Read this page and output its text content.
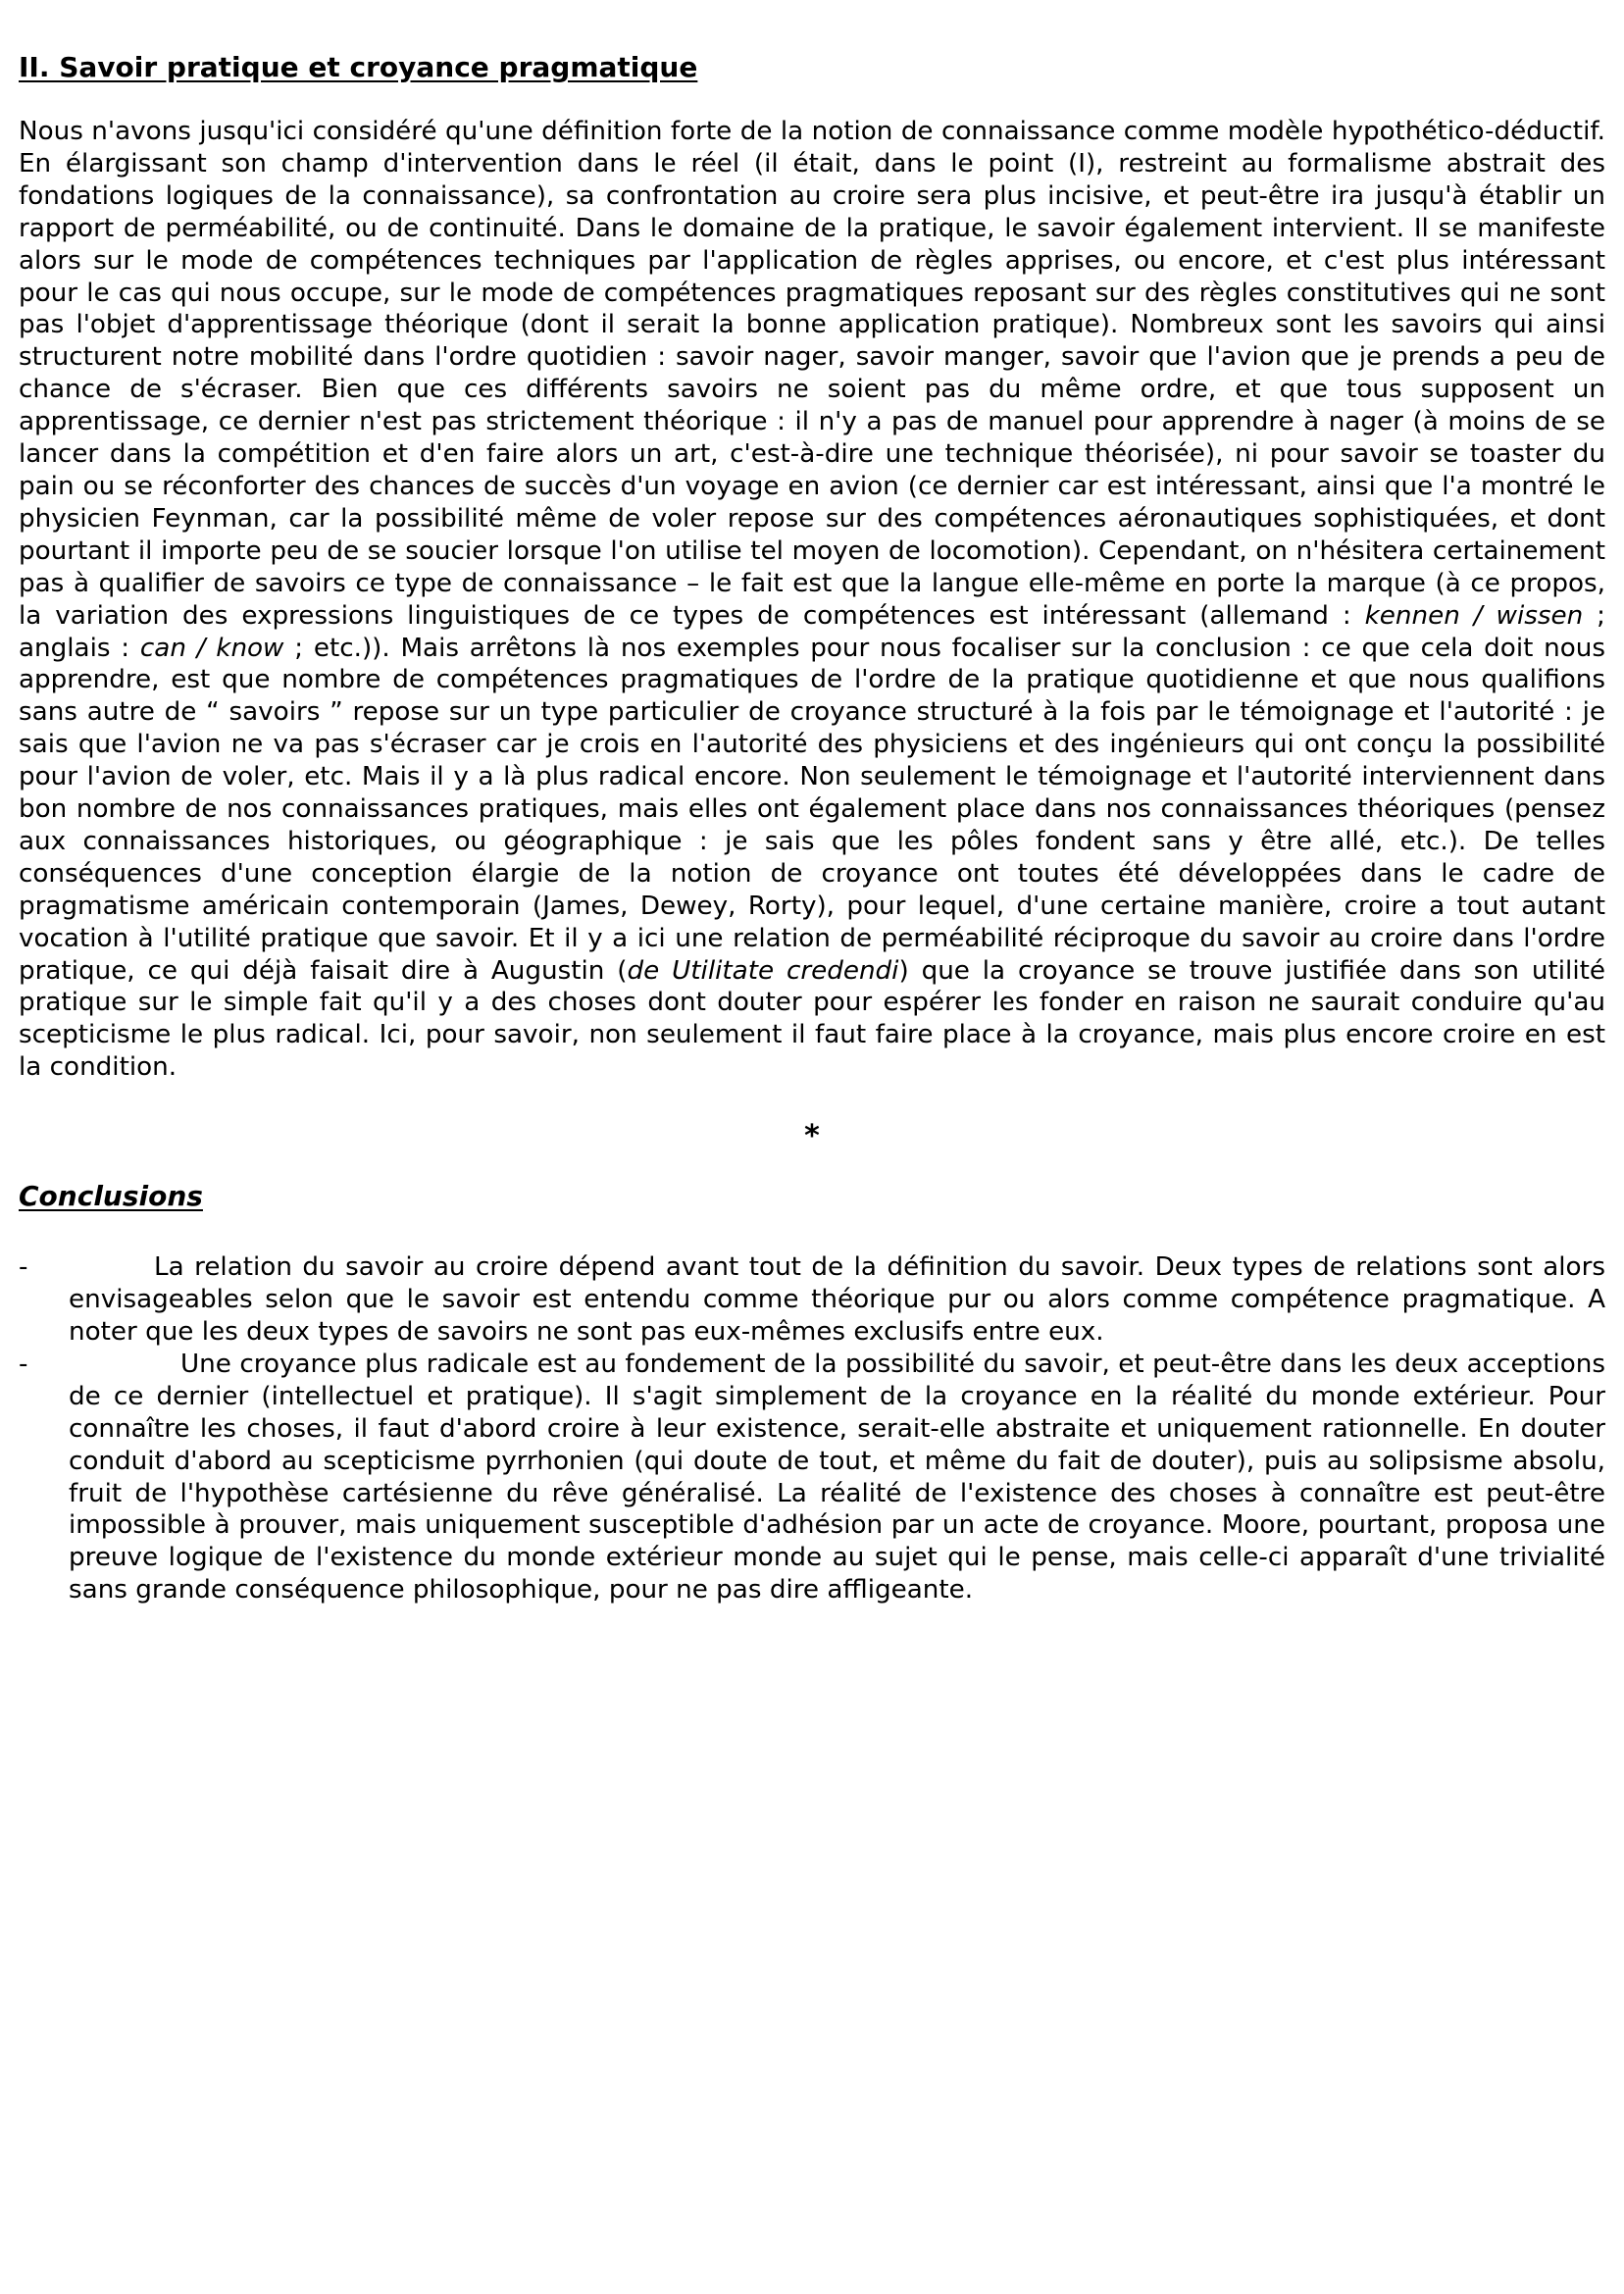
II. Savoir pratique et croyance pragmatique

Nous n'avons jusqu'ici considéré qu'une définition forte de la notion de connaissance comme modèle hypothético-déductif. En élargissant son champ d'intervention dans le réel (il était, dans le point (I), restreint au formalisme abstrait des fondations logiques de la connaissance), sa confrontation au croire sera plus incisive, et peut-être ira jusqu'à établir un rapport de perméabilité, ou de continuité. Dans le domaine de la pratique, le savoir également intervient. Il se manifeste alors sur le mode de compétences techniques par l'application de règles apprises, ou encore, et c'est plus intéressant pour le cas qui nous occupe, sur le mode de compétences pragmatiques reposant sur des règles constitutives qui ne sont pas l'objet d'apprentissage théorique (dont il serait la bonne application pratique). Nombreux sont les savoirs qui ainsi structurent notre mobilité dans l'ordre quotidien : savoir nager, savoir manger, savoir que l'avion que je prends a peu de chance de s'écraser. Bien que ces différents savoirs ne soient pas du même ordre, et que tous supposent un apprentissage, ce dernier n'est pas strictement théorique : il n'y a pas de manuel pour apprendre à nager (à moins de se lancer dans la compétition et d'en faire alors un art, c'est-à-dire une technique théorisée), ni pour savoir se toaster du pain ou se réconforter des chances de succès d'un voyage en avion (ce dernier car est intéressant, ainsi que l'a montré le physicien Feynman, car la possibilité même de voler repose sur des compétences aéronautiques sophistiquées, et dont pourtant il importe peu de se soucier lorsque l'on utilise tel moyen de locomotion). Cependant, on n'hésitera certainement pas à qualifier de savoirs ce type de connaissance – le fait est que la langue elle-même en porte la marque (à ce propos, la variation des expressions linguistiques de ce types de compétences est intéressant (allemand : kennen / wissen ; anglais : can / know ; etc.)). Mais arrêtons là nos exemples pour nous focaliser sur la conclusion : ce que cela doit nous apprendre, est que nombre de compétences pragmatiques de l'ordre de la pratique quotidienne et que nous qualifions sans autre de “ savoirs ” repose sur un type particulier de croyance structuré à la fois par le témoignage et l'autorité : je sais que l'avion ne va pas s'écraser car je crois en l'autorité des physiciens et des ingénieurs qui ont conçu la possibilité pour l'avion de voler, etc. Mais il y a là plus radical encore. Non seulement le témoignage et l'autorité interviennent dans bon nombre de nos connaissances pratiques, mais elles ont également place dans nos connaissances théoriques (pensez aux connaissances historiques, ou géographique : je sais que les pôles fondent sans y être allé, etc.). De telles conséquences d'une conception élargie de la notion de croyance ont toutes été développées dans le cadre de pragmatisme américain contemporain (James, Dewey, Rorty), pour lequel, d'une certaine manière, croire a tout autant vocation à l'utilité pratique que savoir. Et il y a ici une relation de perméabilité réciproque du savoir au croire dans l'ordre pratique, ce qui déjà faisait dire à Augustin (de Utilitate credendi) que la croyance se trouve justifiée dans son utilité pratique sur le simple fait qu'il y a des choses dont douter pour espérer les fonder en raison ne saurait conduire qu'au scepticisme le plus radical. Ici, pour savoir, non seulement il faut faire place à la croyance, mais plus encore croire en est la condition.

*
Conclusions
-	La relation du savoir au croire dépend avant tout de la définition du savoir. Deux types de relations sont alors envisageables selon que le savoir est entendu comme théorique pur ou alors comme compétence pragmatique. A noter que les deux types de savoirs ne sont pas eux-mêmes exclusifs entre eux.
-	Une croyance plus radicale est au fondement de la possibilité du savoir, et peut-être dans les deux acceptions de ce dernier (intellectuel et pratique). Il s'agit simplement de la croyance en la réalité du monde extérieur. Pour connaître les choses, il faut d'abord croire à leur existence, serait-elle abstraite et uniquement rationnelle. En douter conduit d'abord au scepticisme pyrrhonien (qui doute de tout, et même du fait de douter), puis au solipsisme absolu, fruit de l'hypothèse cartésienne du rêve généralisé. La réalité de l'existence des choses à connaître est peut-être impossible à prouver, mais uniquement susceptible d'adhésion par un acte de croyance. Moore, pourtant, proposa une preuve logique de l'existence du monde extérieur monde au sujet qui le pense, mais celle-ci apparaît d'une trivialité sans grande conséquence philosophique, pour ne pas dire affligeante.
